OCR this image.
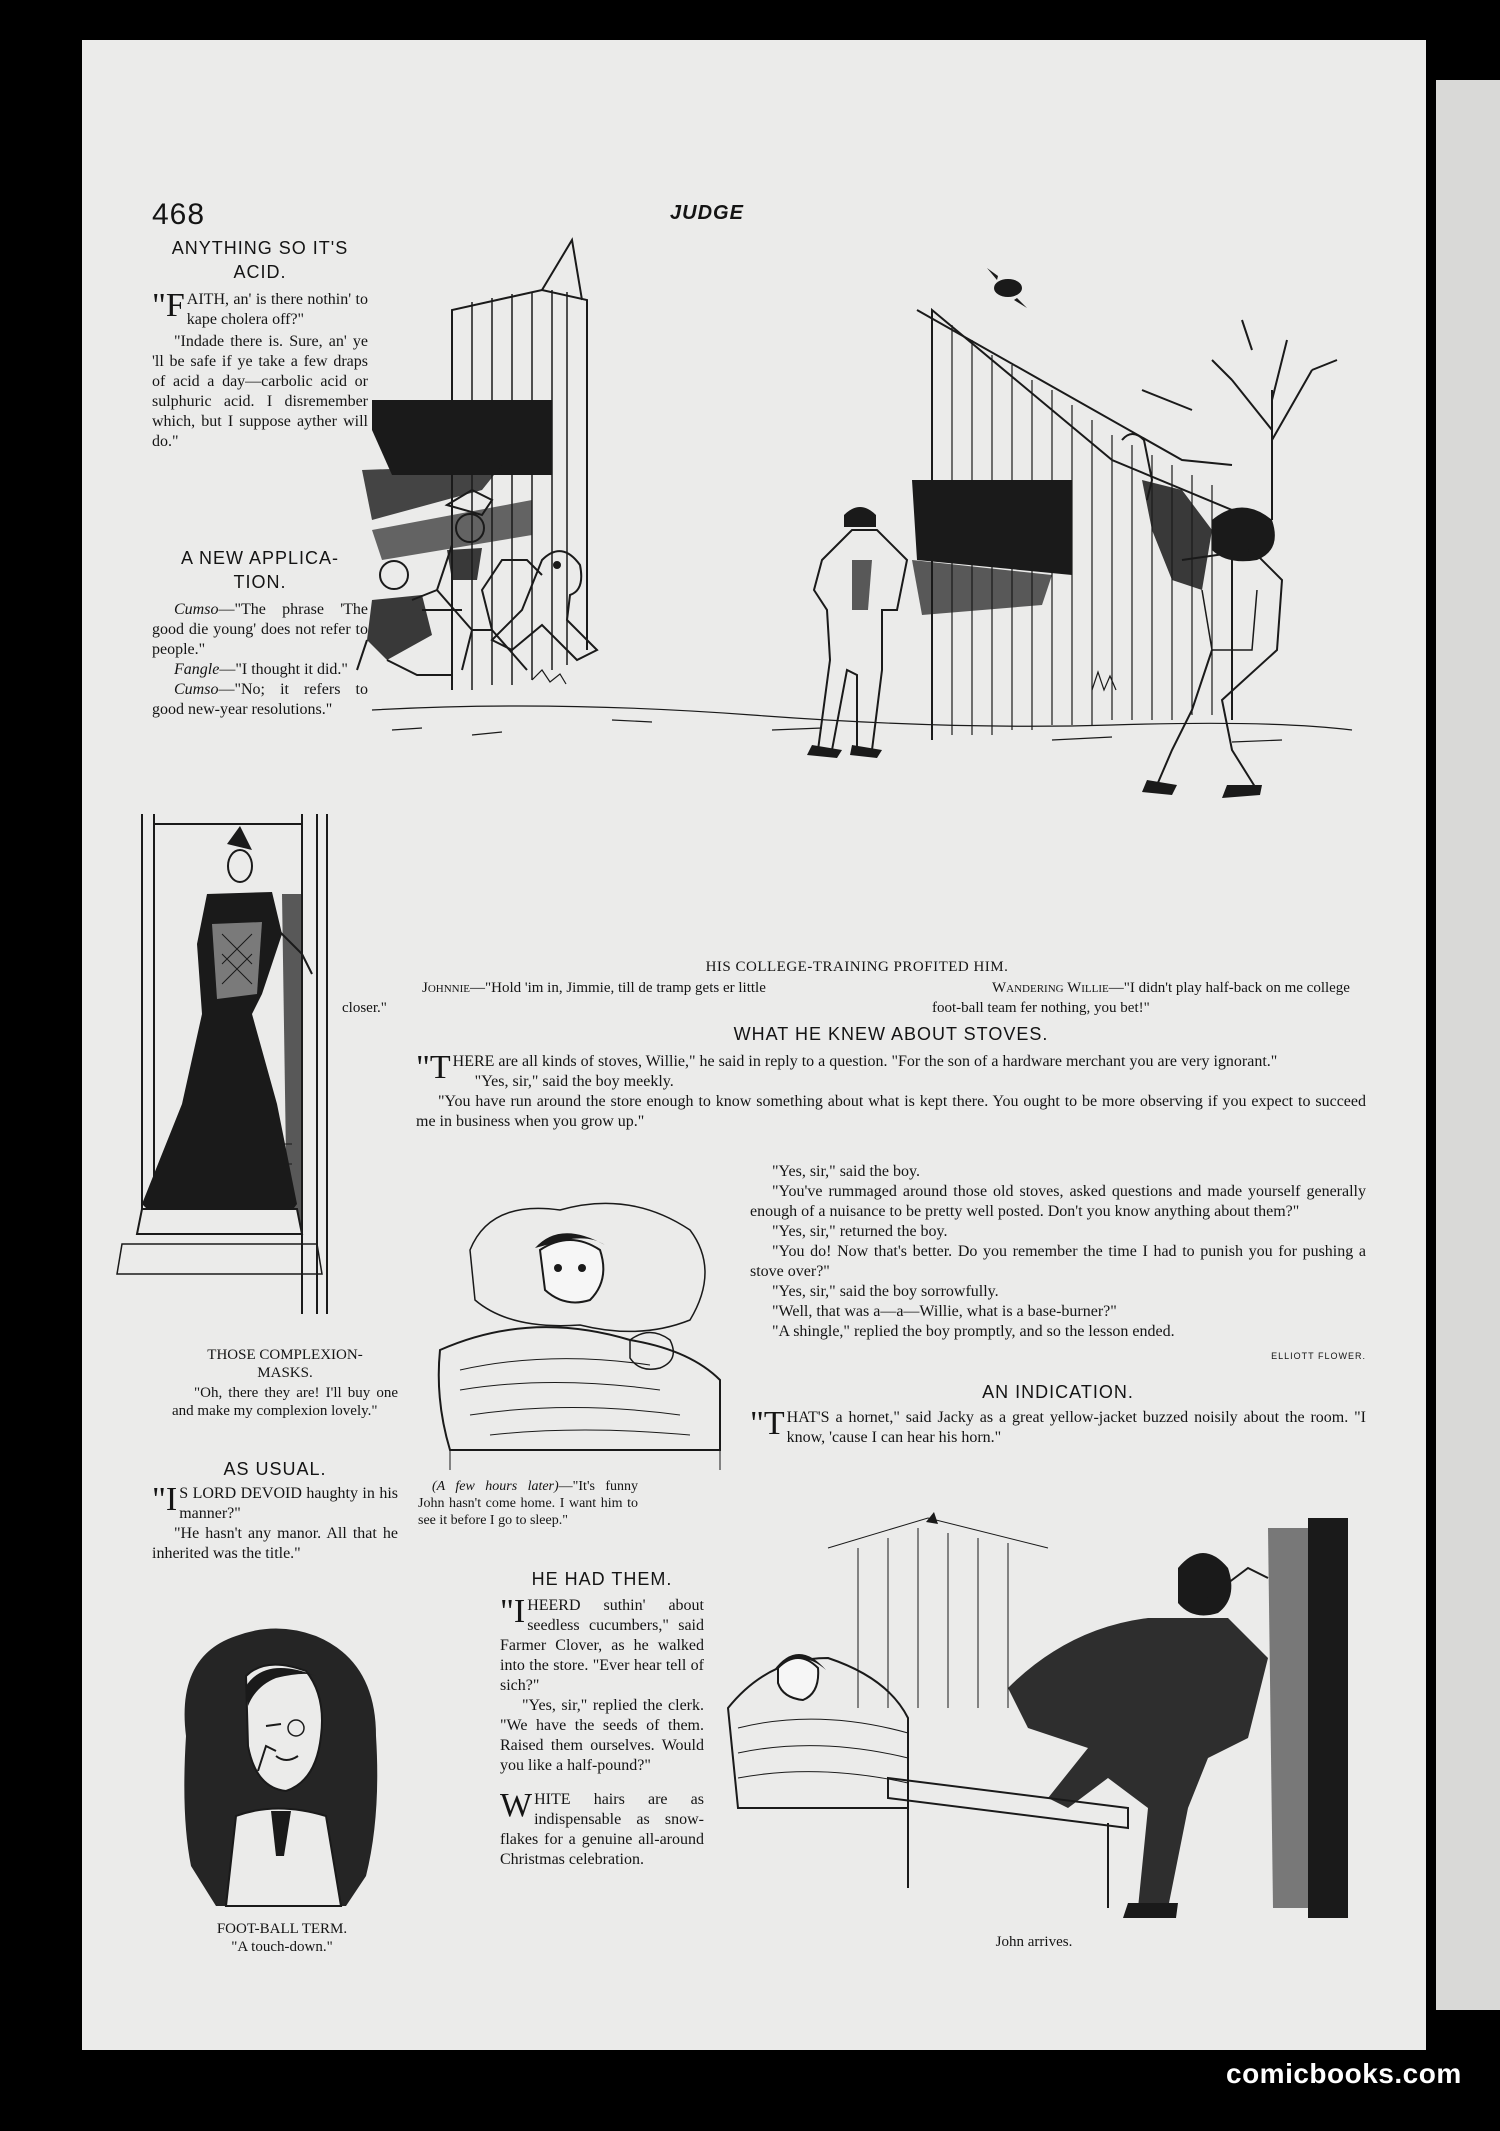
468	JUDGE

ANYTHING SO IT'S

ACID.

"FAITH, an' is there nothin' to kape cholera off?"

"Indade there is. Sure, an' ye 'll be safe if ye take a few draps of acid a day—carbolic acid or sulphuric acid. I disremember which, but I suppose ayther will do."

A NEW APPLICA-

TION.

Cumso—"The phrase 'The good die young' does not refer to people."

Fangle—"I thought it did."

Cumso—"No; it refers to good new-year resolutions."

HIS COLLEGE-TRAINING PROFITED HIM.

Johnnie—"Hold 'im in, Jimmie, till de tramp gets er little closer."

Wandering Willie—"I didn't play half-back on me college foot-ball team fer nothing, you bet!"

THOSE COMPLEXION-

MASKS.

"Oh, there they are! I'll buy one and make my complexion lovely."

AS USUAL.

"I S LORD DEVOID haughty in his manner?"

"He hasn't any manor. All that he inherited was the title."

FOOT-BALL TERM.

"A touch-down."

WHAT HE KNEW ABOUT STOVES.

"THERE are all kinds of stoves, Willie," he said in reply to a question. "For the son of a hardware merchant you are very ignorant."

"Yes, sir," said the boy meekly.

"You have run around the store enough to know something about what is kept there. You ought to be more observing if you expect to succeed me in business when you grow up."

"Yes, sir," said the boy.

"You've rummaged around those old stoves, asked questions and made yourself generally enough of a nuisance to be pretty well posted. Don't you know anything about them?"

"Yes, sir," returned the boy.

"You do! Now that's better. Do you remember the time I had to punish you for pushing a stove over?"

"Yes, sir," said the boy sorrowfully.

"Well, that was a—a—Willie, what is a base-burner?"

"A shingle," replied the boy promptly, and so the lesson ended.

ELLIOTT FLOWER.

(A few hours later)—"It's funny John hasn't come home. I want him to see it before I go to sleep."

AN INDICATION.

"THAT'S a hornet," said Jacky as a great yellow-jacket buzzed noisily about the room. "I know, 'cause I can hear his horn."

HE HAD THEM.

"I HEERD suthin' about seedless cucumbers," said Farmer Clover, as he walked into the store. "Ever hear tell of sich?"

"Yes, sir," replied the clerk. "We have the seeds of them. Raised them ourselves. Would you like a half-pound?"

WHITE hairs are as indispensable as snow-flakes for a genuine all-around Christmas celebration.

John arrives.
comicbooks.com
